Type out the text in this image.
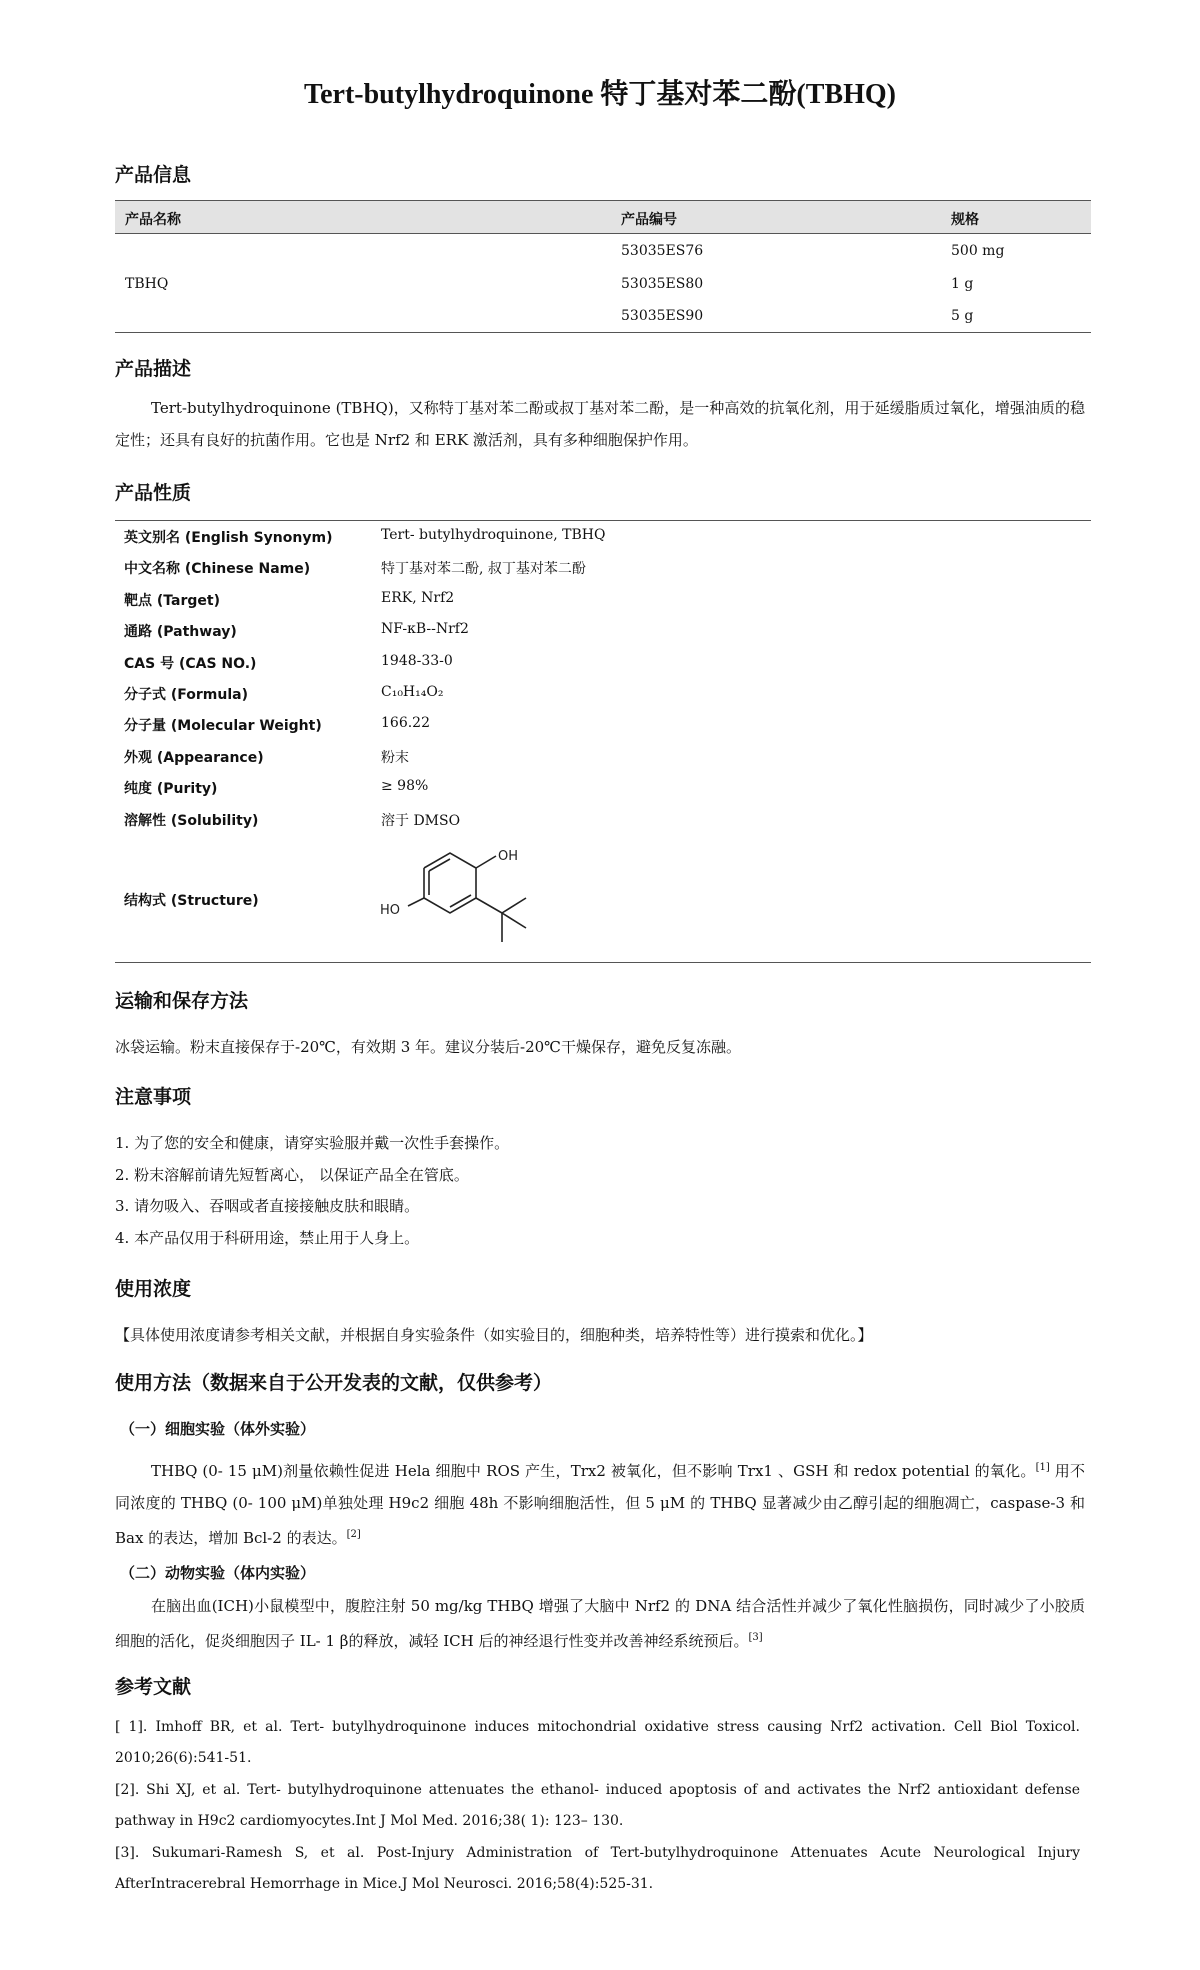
Tert-butylhydroquinone 特丁基对苯二酚(TBHQ)
产品信息
产品名称	产品编号	规格
TBHQ
53035ES76	500 mg
53035ES80	1 g
53035ES90	5 g
产品描述
Tert-butylhydroquinone (TBHQ)，又称特丁基对苯二酚或叔丁基对苯二酚，是一种高效的抗氧化剂，用于延缓脂质过氧化，增强油质的稳定性；还具有良好的抗菌作用。它也是 Nrf2 和 ERK 激活剂，具有多种细胞保护作用。
产品性质
英文别名 (English Synonym)	Tert- butylhydroquinone, TBHQ
中文名称 (Chinese Name)	特丁基对苯二酚, 叔丁基对苯二酚
靶点 (Target)	ERK, Nrf2
通路 (Pathway)	NF-κB--Nrf2
CAS 号 (CAS NO.)	1948-33-0
分子式 (Formula)	C₁₀H₁₄O₂
分子量 (Molecular Weight)	166.22
外观 (Appearance)	粉末
纯度 (Purity)	≥ 98%
溶解性 (Solubility)	溶于 DMSO
结构式 (Structure)
OH
HO
运输和保存方法
冰袋运输。粉末直接保存于-20℃，有效期 3 年。建议分装后-20℃干燥保存，避免反复冻融。
注意事项
1. 为了您的安全和健康，请穿实验服并戴一次性手套操作。
2. 粉末溶解前请先短暂离心， 以保证产品全在管底。
3. 请勿吸入、吞咽或者直接接触皮肤和眼睛。
4. 本产品仅用于科研用途，禁止用于人身上。
使用浓度
【具体使用浓度请参考相关文献，并根据自身实验条件（如实验目的，细胞种类，培养特性等）进行摸索和优化。】
使用方法（数据来自于公开发表的文献，仅供参考）
（一）细胞实验（体外实验）
THBQ (0- 15 μM)剂量依赖性促进 Hela 细胞中 ROS 产生，Trx2 被氧化，但不影响 Trx1 、GSH 和 redox potential 的氧化。[1] 用不同浓度的 THBQ (0- 100 μM)单独处理 H9c2 细胞 48h 不影响细胞活性，但 5 μM 的 THBQ 显著减少由乙醇引起的细胞凋亡，caspase-3 和 Bax 的表达，增加 Bcl-2 的表达。[2]
（二）动物实验（体内实验）
在脑出血(ICH)小鼠模型中，腹腔注射 50 mg/kg THBQ 增强了大脑中 Nrf2 的 DNA 结合活性并减少了氧化性脑损伤，同时减少了小胶质细胞的活化，促炎细胞因子 IL- 1 β的释放，减轻 ICH 后的神经退行性变并改善神经系统预后。[3]
参考文献
[ 1]. Imhoff BR, et al. Tert- butylhydroquinone induces mitochondrial oxidative stress causing Nrf2 activation. Cell Biol Toxicol. 2010;26(6):541-51.
[2]. Shi XJ, et al. Tert- butylhydroquinone attenuates the ethanol- induced apoptosis of and activates the Nrf2 antioxidant defense pathway in H9c2 cardiomyocytes.Int J Mol Med. 2016;38( 1): 123– 130.
[3]. Sukumari-Ramesh S, et al. Post-Injury Administration of Tert-butylhydroquinone Attenuates Acute Neurological Injury AfterIntracerebral Hemorrhage in Mice.J Mol Neurosci. 2016;58(4):525-31.
